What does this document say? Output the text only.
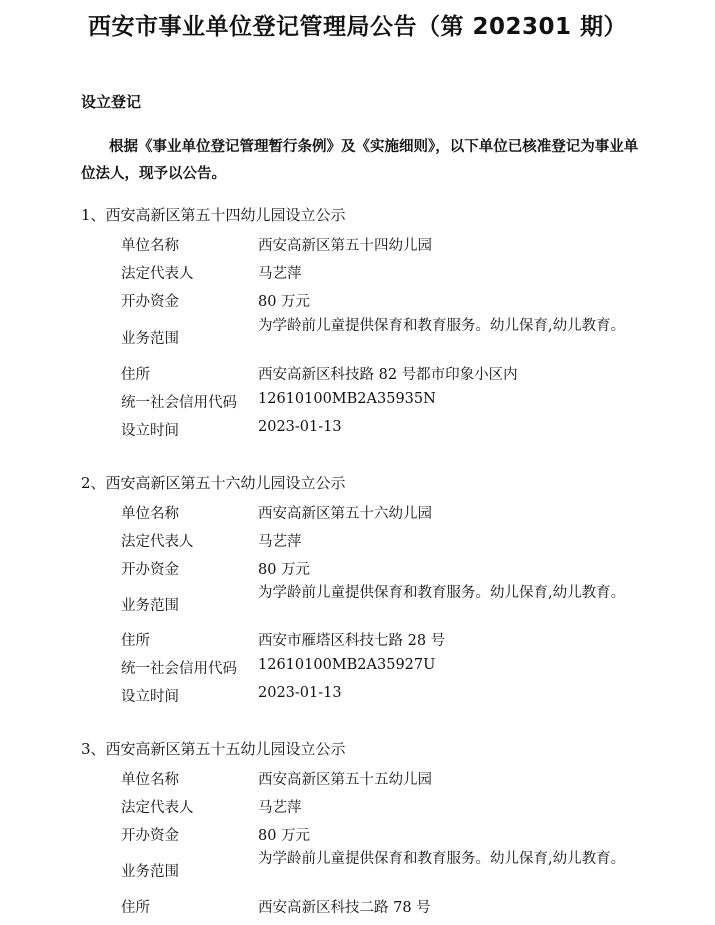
西安市事业单位登记管理局公告（第 202301 期）
设立登记
根据《事业单位登记管理暂行条例》及《实施细则》，以下单位已核准登记为事业单位法人，现予以公告。
1、西安高新区第五十四幼儿园设立公示
单位名称	西安高新区第五十四幼儿园
法定代表人	马艺萍
开办资金	80 万元
业务范围
为学龄前儿童提供保育和教育服务。幼儿保育,幼儿教育。
住所	西安高新区科技路 82 号都市印象小区内
统一社会信用代码 12610100MB2A35935N
设立时间	2023-01-13
2、西安高新区第五十六幼儿园设立公示
单位名称	西安高新区第五十六幼儿园
法定代表人	马艺萍
开办资金	80 万元
业务范围
为学龄前儿童提供保育和教育服务。幼儿保育,幼儿教育。
住所	西安市雁塔区科技七路 28 号
统一社会信用代码 12610100MB2A35927U
设立时间	2023-01-13
3、西安高新区第五十五幼儿园设立公示
单位名称	西安高新区第五十五幼儿园
法定代表人	马艺萍
开办资金	80 万元
业务范围
为学龄前儿童提供保育和教育服务。幼儿保育,幼儿教育。
住所	西安高新区科技二路 78 号
